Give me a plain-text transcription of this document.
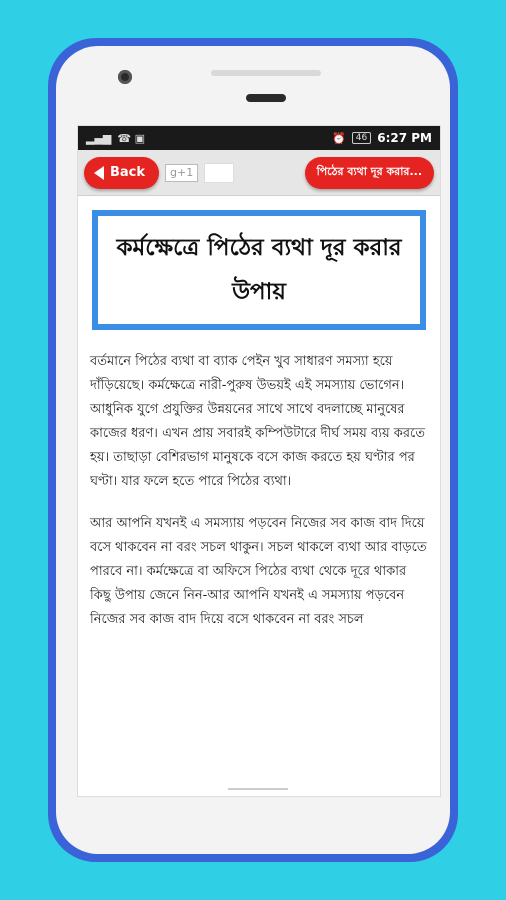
▂▄▆ ☎ ▣	⏰	46 6:27 PM
Back	g+1	পিঠের ব্যথা দূর করার...
কর্মক্ষেত্রে পিঠের ব্যথা দূর করার উপায়

বর্তমানে পিঠের ব্যথা বা ব্যাক পেইন খুব সাধারণ সমস্যা হয়ে দাঁড়িয়েছে। কর্মক্ষেত্রে নারী-পুরুষ উভয়ই এই সমস্যায় ভোগেন। আধুনিক যুগে প্রযুক্তির উন্নয়নের সাথে সাথে বদলাচ্ছে মানুষের কাজের ধরণ। এখন প্রায় সবারই কম্পিউটারে দীর্ঘ সময় ব্যয় করতে হয়। তাছাড়া বেশিরভাগ মানুষকে বসে কাজ করতে হয় ঘণ্টার পর ঘণ্টা। যার ফলে হতে পারে পিঠের ব্যথা।

আর আপনি যখনই এ সমস্যায় পড়বেন নিজের সব কাজ বাদ দিয়ে বসে থাকবেন না বরং সচল থাকুন। সচল থাকলে ব্যথা আর বাড়তে পারবে না। কর্মক্ষেত্রে বা অফিসে পিঠের ব্যথা থেকে দূরে থাকার কিছু উপায় জেনে নিন-আর আপনি যখনই এ সমস্যায় পড়বেন নিজের সব কাজ বাদ দিয়ে বসে থাকবেন না বরং সচল
